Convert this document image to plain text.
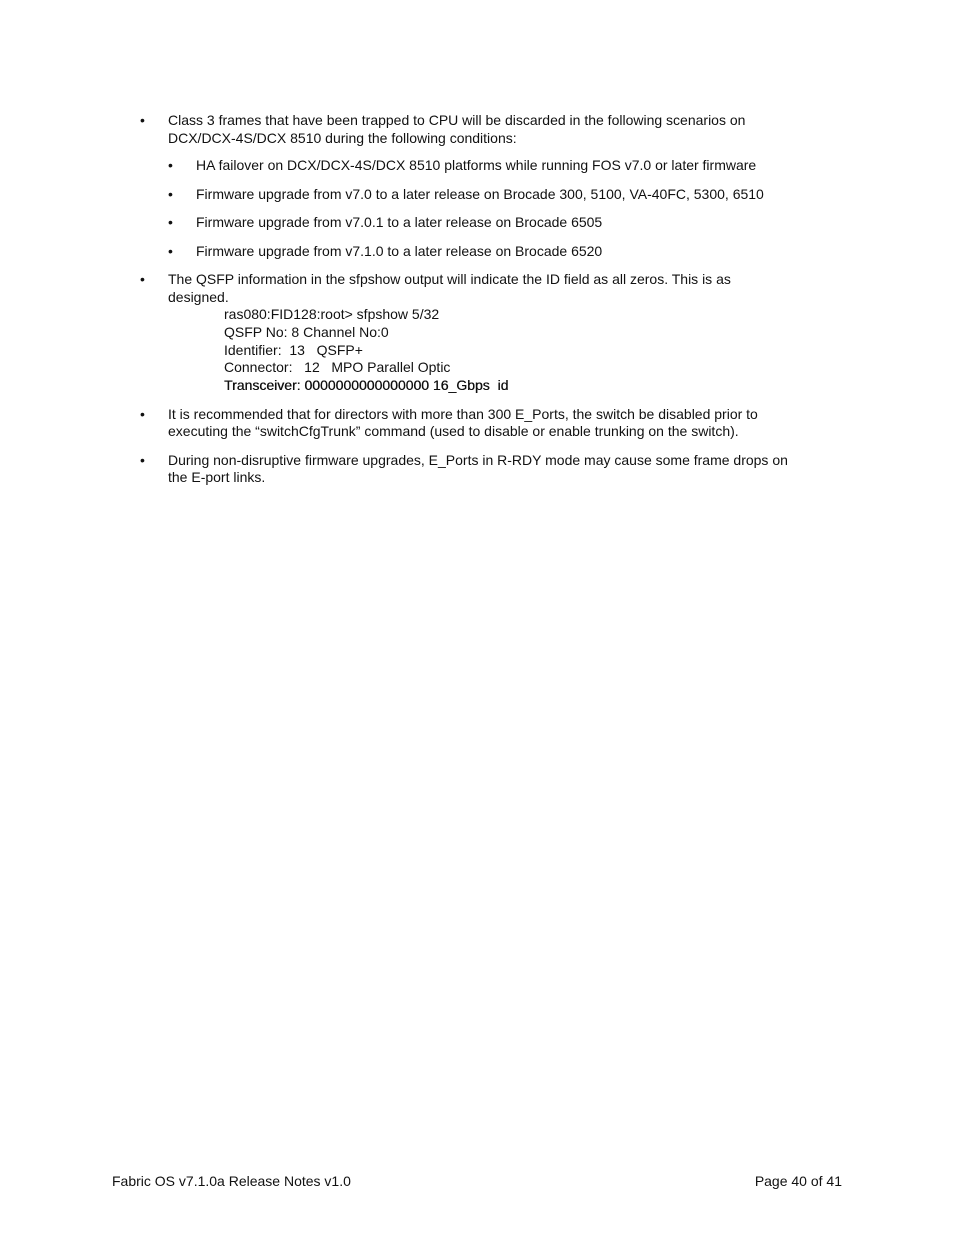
•	Class 3 frames that have been trapped to CPU will be discarded in the following scenarios on DCX/DCX-4S/DCX 8510 during the following conditions:
• HA failover on DCX/DCX-4S/DCX 8510 platforms while running FOS v7.0 or later firmware
• Firmware upgrade from v7.0 to a later release on Brocade 300, 5100, VA-40FC, 5300, 6510
• Firmware upgrade from v7.0.1 to a later release on Brocade 6505
• Firmware upgrade from v7.1.0 to a later release on Brocade 6520
•	The QSFP information in the sfpshow output will indicate the ID field as all zeros. This is as designed.
ras080:FID128:root> sfpshow 5/32
QSFP No: 8 Channel No:0
Identifier:  13   QSFP+
Connector:   12   MPO Parallel Optic
Transceiver: 0000000000000000 16_Gbps  id
•	It is recommended that for directors with more than 300 E_Ports, the switch be disabled prior to executing the “switchCfgTrunk” command (used to disable or enable trunking on the switch).
•	During non-disruptive firmware upgrades, E_Ports in R-RDY mode may cause some frame drops on the E-port links.
Fabric OS v7.1.0a Release Notes v1.0	Page 40 of 41
